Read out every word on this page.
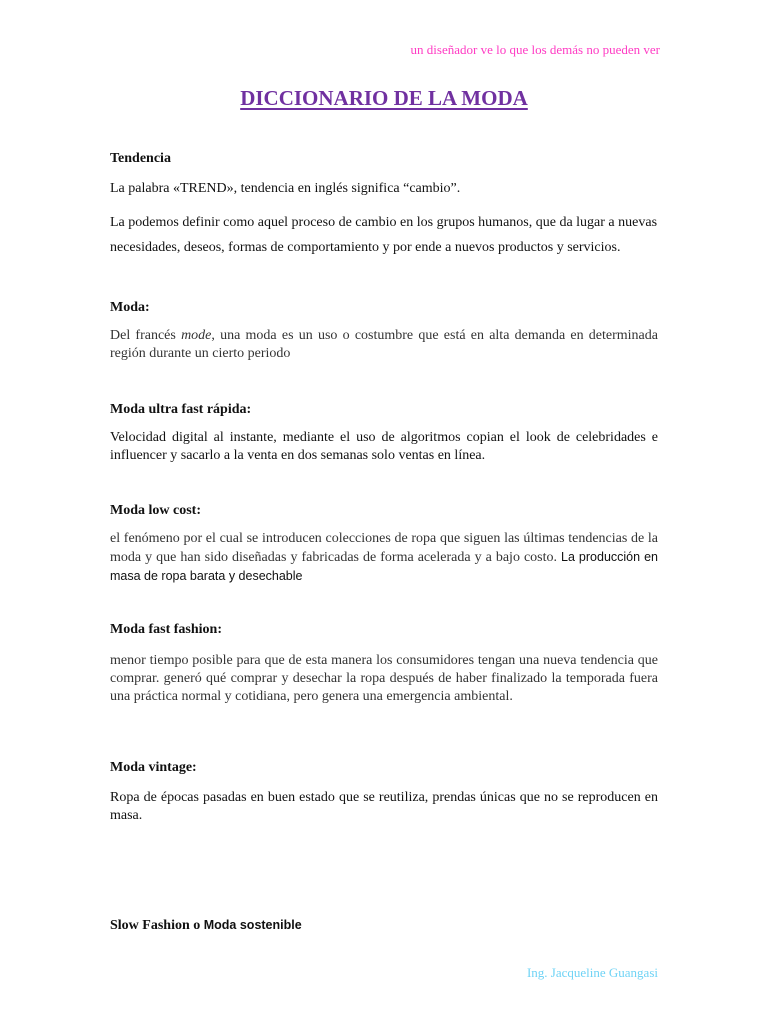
un diseñador ve lo que los demás no pueden ver
DICCIONARIO DE LA MODA
Tendencia
La palabra «TREND», tendencia en inglés significa “cambio”.
La podemos definir como aquel proceso de cambio en los grupos humanos, que da lugar a nuevas necesidades, deseos, formas de comportamiento y por ende a nuevos productos y servicios.
Moda:
Del francés mode, una moda es un uso o costumbre que está en alta demanda en determinada región durante un cierto periodo
Moda ultra fast rápida:
Velocidad digital al instante, mediante el uso de algoritmos copian el look de celebridades e influencer y sacarlo a la venta en dos semanas solo ventas en línea.
Moda low cost:
el fenómeno por el cual se introducen colecciones de ropa que siguen las últimas tendencias de la moda y que han sido diseñadas y fabricadas de forma acelerada y a bajo costo. La producción en masa de ropa barata y desechable
Moda fast fashion:
menor tiempo posible para que de esta manera los consumidores tengan una nueva tendencia que comprar. generó qué comprar y desechar la ropa después de haber finalizado la temporada fuera una práctica normal y cotidiana, pero genera una emergencia ambiental.
Moda vintage:
Ropa de épocas pasadas en buen estado que se reutiliza, prendas únicas que no se reproducen en masa.
Slow Fashion o Moda sostenible
Ing. Jacqueline Guangasi
